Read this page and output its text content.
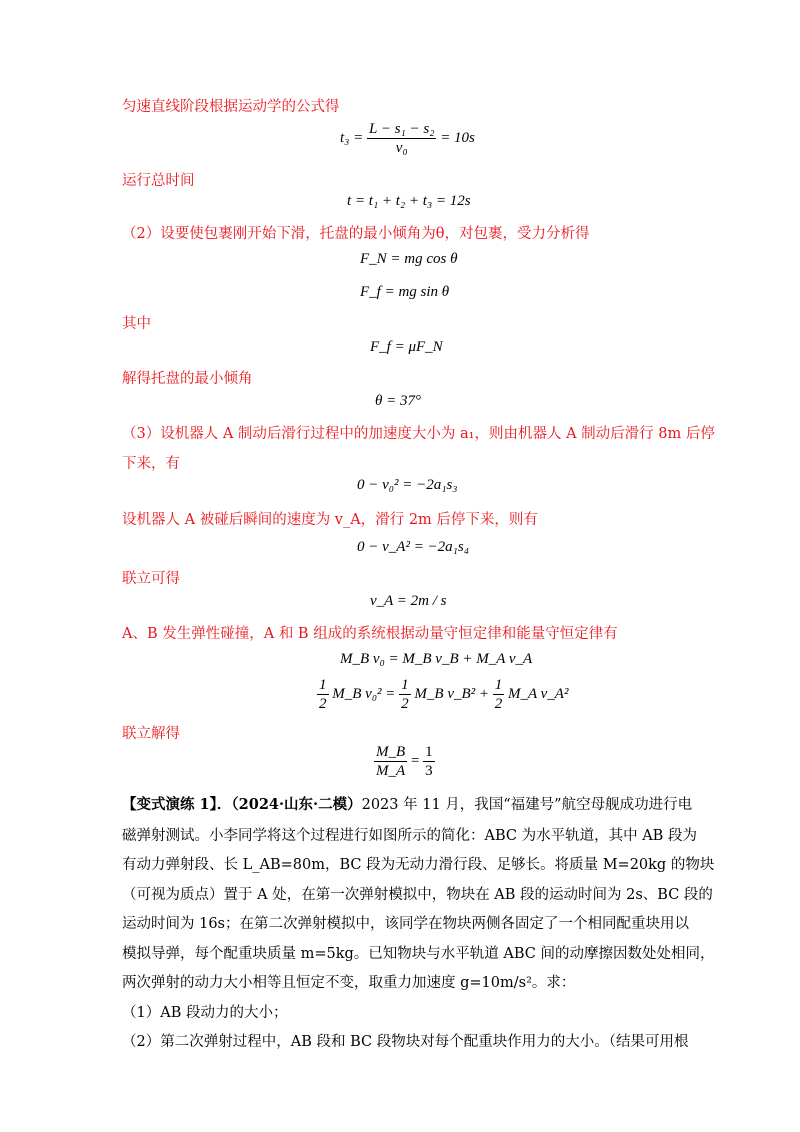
匀速直线阶段根据运动学的公式得
$t_3 = \frac{\text{L − s₁ − s₂}}{\text{v₀}} = 10s$
运行总时间
t = t₁ + t₂ + t₃ = 12s
（2）设要使包裹刚开始下滑，托盘的最小倾角为θ，对包裹，受力分析得
F_N = mg cos θ
F_f = mg sin θ
其中
F_f = μF_N
解得托盘的最小倾角
θ = 37°
（3）设机器人 A 制动后滑行过程中的加速度大小为 a₁，则由机器人 A 制动后滑行 8m 后停
下来，有
0 − v₀² = −2a₁s₃
设机器人 A 被碰后瞬间的速度为 v_A，滑行 2m 后停下来，则有
0 − v_A² = −2a₁s₄
联立可得
v_A = 2m / s
A、B 发生弹性碰撞，A 和 B 组成的系统根据动量守恒定律和能量守恒定律有
M_B v₀ = M_B v_B + M_A v_A
$\frac{1}{2}$ M_B $v_0^2 = \frac{1}{2}$ M_B v_B² + $\frac{1}{2}$ M_A v_A²
联立解得
$\frac{M\_B}{M\_A} = \frac{1}{3}$
【变式演练 1】．（2024·山东·二模）2023 年 11 月，我国“福建号”航空母舰成功进行电
磁弹射测试。小李同学将这个过程进行如图所示的简化：ABC 为水平轨道，其中 AB 段为
有动力弹射段、长 L_AB=80m，BC 段为无动力滑行段、足够长。将质量 M=20kg 的物块
（可视为质点）置于 A 处，在第一次弹射模拟中，物块在 AB 段的运动时间为 2s、BC 段的
运动时间为 16s；在第二次弹射模拟中，该同学在物块两侧各固定了一个相同配重块用以
模拟导弹，每个配重块质量 m=5kg。已知物块与水平轨道 ABC 间的动摩擦因数处处相同，
两次弹射的动力大小相等且恒定不变，取重力加速度 g=10m/s²。求：
（1）AB 段动力的大小；
（2）第二次弹射过程中，AB 段和 BC 段物块对每个配重块作用力的大小。（结果可用根
